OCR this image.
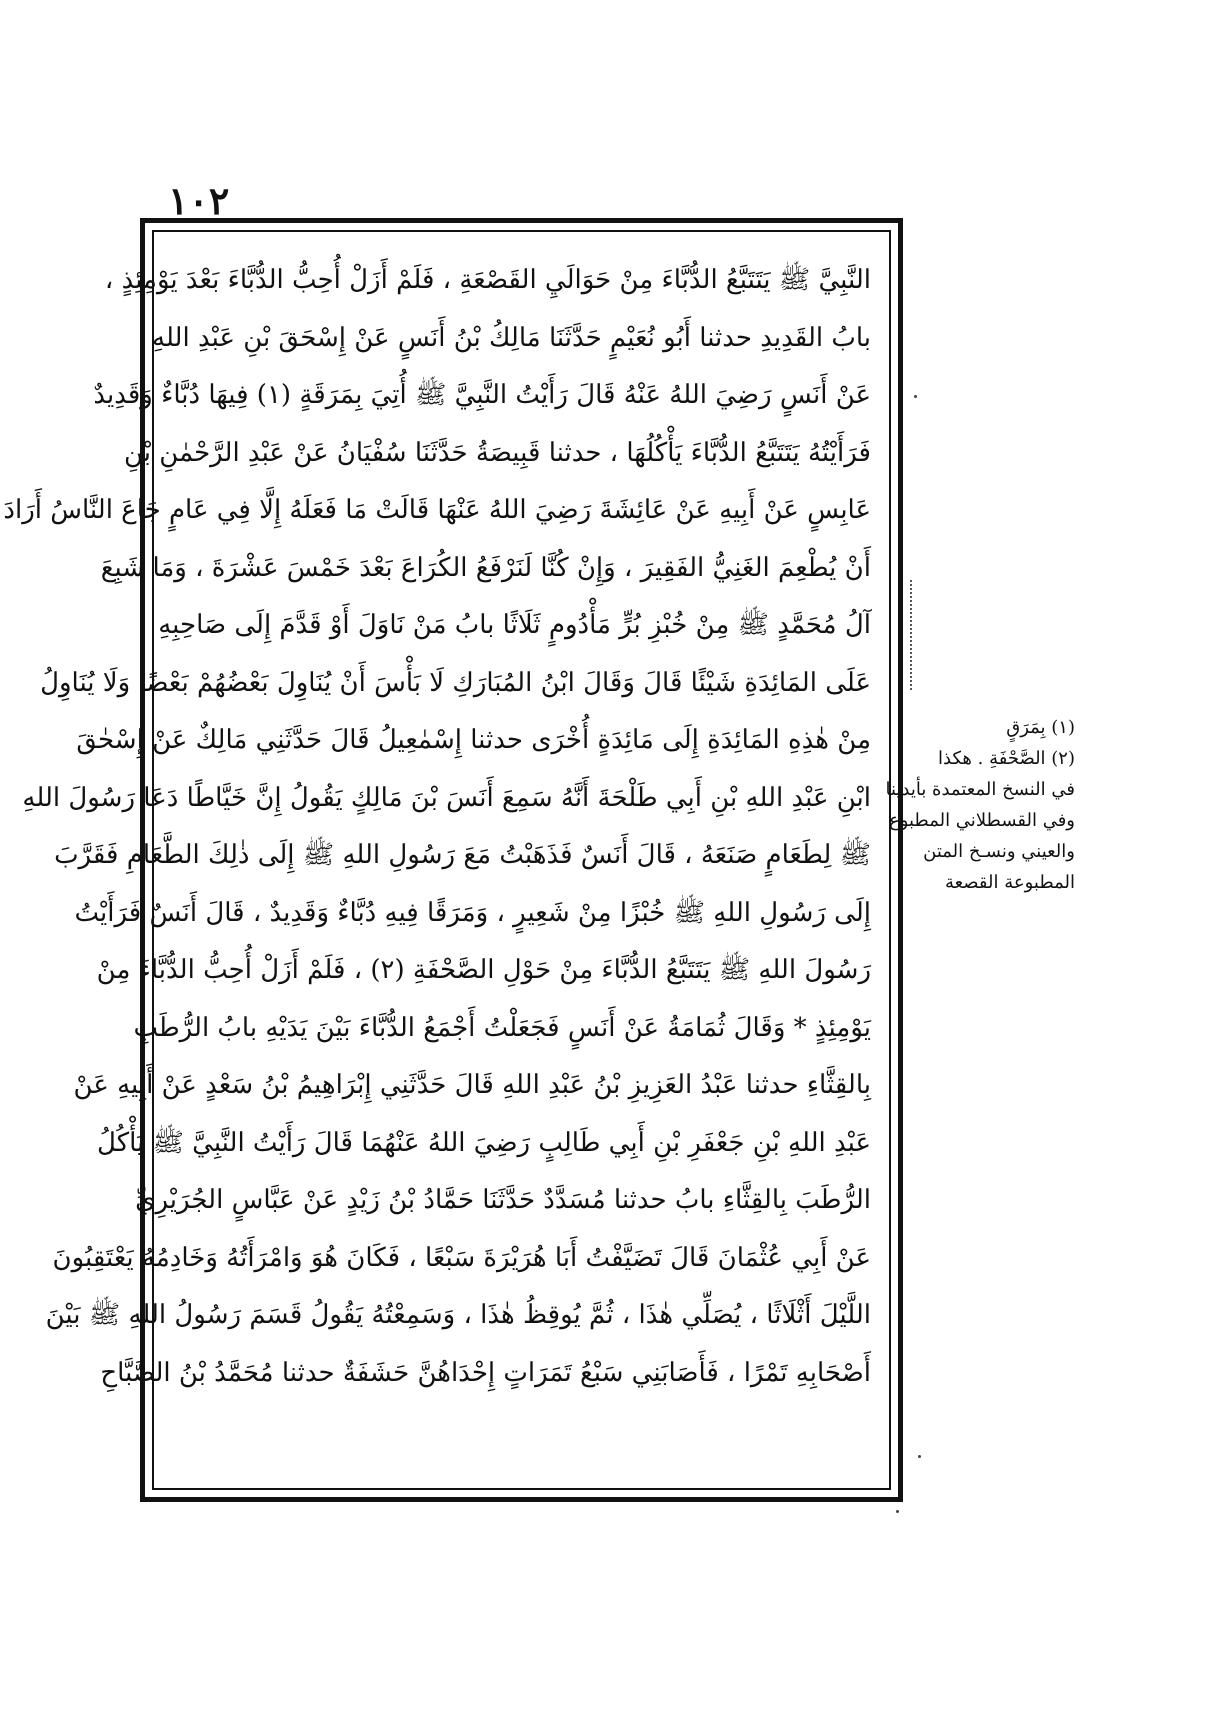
١٠٢
النَّبِيَّ ﷺ يَتَتَبَّعُ الدُّبَّاءَ مِنْ حَوَالَيِ القَصْعَةِ ، فَلَمْ أَزَلْ أُحِبُّ الدُّبَّاءَ بَعْدَ يَوْمِئِذٍ ،
بابُ القَدِيدِ حدثنا أَبُو نُعَيْمٍ حَدَّثَنَا مَالِكُ بْنُ أَنَسٍ عَنْ إِسْحَقَ بْنِ عَبْدِ اللهِ
عَنْ أَنَسٍ رَضِيَ اللهُ عَنْهُ قَالَ رَأَيْتُ النَّبِيَّ ﷺ أُتِيَ بِمَرَقَةٍ (١) فِيهَا دُبَّاءٌ وَقَدِيدٌ
فَرَأَيْتُهُ يَتَتَبَّعُ الدُّبَّاءَ يَأْكُلُهَا ، حدثنا قَبِيصَةُ حَدَّثَنَا سُفْيَانُ عَنْ عَبْدِ الرَّحْمٰنِ بْنِ
عَابِسٍ عَنْ أَبِيهِ عَنْ عَائِشَةَ رَضِيَ اللهُ عَنْهَا قَالَتْ مَا فَعَلَهُ إِلَّا فِي عَامٍ جَاعَ النَّاسُ أَرَادَ
أَنْ يُطْعِمَ الغَنِيُّ الفَقِيرَ ، وَإِنْ كُنَّا لَنَرْفَعُ الكُرَاعَ بَعْدَ خَمْسَ عَشْرَةَ ، وَمَا شَبِعَ
آلُ مُحَمَّدٍ ﷺ مِنْ خُبْزِ بُرٍّ مَأْدُومٍ ثَلَاثًا بابُ مَنْ نَاوَلَ أَوْ قَدَّمَ إِلَى صَاحِبِهِ
عَلَى المَائِدَةِ شَيْئًا قَالَ وَقَالَ ابْنُ المُبَارَكِ لَا بَأْسَ أَنْ يُنَاوِلَ بَعْضُهُمْ بَعْضًا وَلَا يُنَاوِلُ
مِنْ هٰذِهِ المَائِدَةِ إِلَى مَائِدَةٍ أُخْرَى حدثنا إِسْمٰعِيلُ قَالَ حَدَّثَنِي مَالِكٌ عَنْ إِسْحٰقَ
ابْنِ عَبْدِ اللهِ بْنِ أَبِي طَلْحَةَ أَنَّهُ سَمِعَ أَنَسَ بْنَ مَالِكٍ يَقُولُ إِنَّ خَيَّاطًا دَعَا رَسُولَ اللهِ
ﷺ لِطَعَامٍ صَنَعَهُ ، قَالَ أَنَسٌ فَذَهَبْتُ مَعَ رَسُولِ اللهِ ﷺ إِلَى ذٰلِكَ الطَّعَامِ فَقَرَّبَ
إِلَى رَسُولِ اللهِ ﷺ خُبْزًا مِنْ شَعِيرٍ ، وَمَرَقًا فِيهِ دُبَّاءٌ وَقَدِيدٌ ، قَالَ أَنَسٌ فَرَأَيْتُ
رَسُولَ اللهِ ﷺ يَتَتَبَّعُ الدُّبَّاءَ مِنْ حَوْلِ الصَّحْفَةِ (٢) ، فَلَمْ أَزَلْ أُحِبُّ الدُّبَّاءَ مِنْ
يَوْمِئِذٍ * وَقَالَ ثُمَامَةُ عَنْ أَنَسٍ فَجَعَلْتُ أَجْمَعُ الدُّبَّاءَ بَيْنَ يَدَيْهِ بابُ الرُّطَبِ
بِالقِثَّاءِ حدثنا عَبْدُ العَزِيزِ بْنُ عَبْدِ اللهِ قَالَ حَدَّثَنِي إِبْرَاهِيمُ بْنُ سَعْدٍ عَنْ أَبِيهِ عَنْ
عَبْدِ اللهِ بْنِ جَعْفَرِ بْنِ أَبِي طَالِبٍ رَضِيَ اللهُ عَنْهُمَا قَالَ رَأَيْتُ النَّبِيَّ ﷺ يَأْكُلُ
الرُّطَبَ بِالقِثَّاءِ بابُ حدثنا مُسَدَّدٌ حَدَّثَنَا حَمَّادُ بْنُ زَيْدٍ عَنْ عَبَّاسٍ الجُرَيْرِيِّ
عَنْ أَبِي عُثْمَانَ قَالَ تَضَيَّفْتُ أَبَا هُرَيْرَةَ سَبْعًا ، فَكَانَ هُوَ وَامْرَأَتُهُ وَخَادِمُهُ يَعْتَقِبُونَ
اللَّيْلَ أَثْلَاثًا ، يُصَلِّي هٰذَا ، ثُمَّ يُوقِظُ هٰذَا ، وَسَمِعْتُهُ يَقُولُ قَسَمَ رَسُولُ اللهِ ﷺ بَيْنَ
أَصْحَابِهِ تَمْرًا ، فَأَصَابَنِي سَبْعُ تَمَرَاتٍ إِحْدَاهُنَّ حَشَفَةٌ حدثنا مُحَمَّدُ بْنُ الصَّبَّاحِ
(١) بِمَرَقٍ
(٢) الصَّحْفَةِ . هكذا
في النسخ المعتمدة بأيدينا
وفي القسطلاني المطبوع
والعيني ونسـخ المتن
المطبوعة القصعة
